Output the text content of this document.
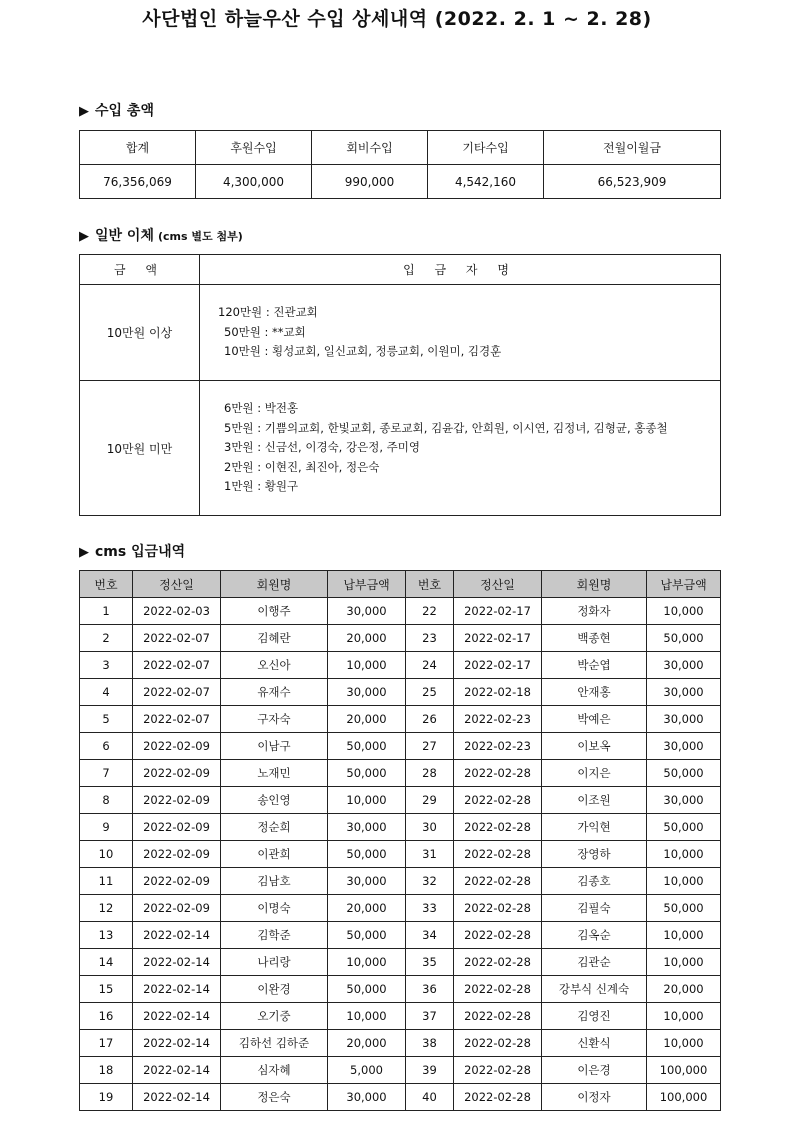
사단법인 하늘우산 수입 상세내역 (2022. 2. 1 ~ 2. 28)
▶ 수입 총액
합계	후원수입	회비수입	기타수입	전월이월금
76,356,069	4,300,000	990,000	4,542,160	66,523,909
▶ 일반 이체 (cms 별도 첨부)
금 액	입 금 자 명
10만원 이상	120만원 : 진관교회
50만원 : **교회
10만원 : 횡성교회, 일신교회, 정릉교회, 이원미, 김경훈

10만원 미만	6만원 : 박전홍
5만원 : 기쁨의교회, 한빛교회, 종로교회, 김윤갑, 안희원, 이시연, 김정녀, 김형균, 홍종철
3만원 : 신금선, 이경숙, 강은정, 주미영
2만원 : 이현진, 최진아, 정은숙
1만원 : 황원구
▶ cms 입금내역
번호	정산일	회원명	납부금액	번호	정산일	회원명	납부금액
1	2022-02-03	이행주	30,000	22	2022-02-17	정화자	10,000
2	2022-02-07	김혜란	20,000	23	2022-02-17	백종현	50,000
3	2022-02-07	오신아	10,000	24	2022-02-17	박순엽	30,000
4	2022-02-07	유재수	30,000	25	2022-02-18	안재홍	30,000
5	2022-02-07	구자숙	20,000	26	2022-02-23	박예은	30,000
6	2022-02-09	이남구	50,000	27	2022-02-23	이보옥	30,000
7	2022-02-09	노재민	50,000	28	2022-02-28	이지은	50,000
8	2022-02-09	송인영	10,000	29	2022-02-28	이조원	30,000
9	2022-02-09	정순희	30,000	30	2022-02-28	가익현	50,000
10	2022-02-09	이관희	50,000	31	2022-02-28	장영하	10,000
11	2022-02-09	김남호	30,000	32	2022-02-28	김종호	10,000
12	2022-02-09	이명숙	20,000	33	2022-02-28	김필숙	50,000
13	2022-02-14	김학준	50,000	34	2022-02-28	김옥순	10,000
14	2022-02-14	나리랑	10,000	35	2022-02-28	김관순	10,000
15	2022-02-14	이완경	50,000	36	2022-02-28	강부식 신계숙	20,000
16	2022-02-14	오기중	10,000	37	2022-02-28	김영진	10,000
17	2022-02-14	김하선 김하준	20,000	38	2022-02-28	신환식	10,000
18	2022-02-14	심자혜	5,000	39	2022-02-28	이은경	100,000
19	2022-02-14	정은숙	30,000	40	2022-02-28	이정자	100,000
